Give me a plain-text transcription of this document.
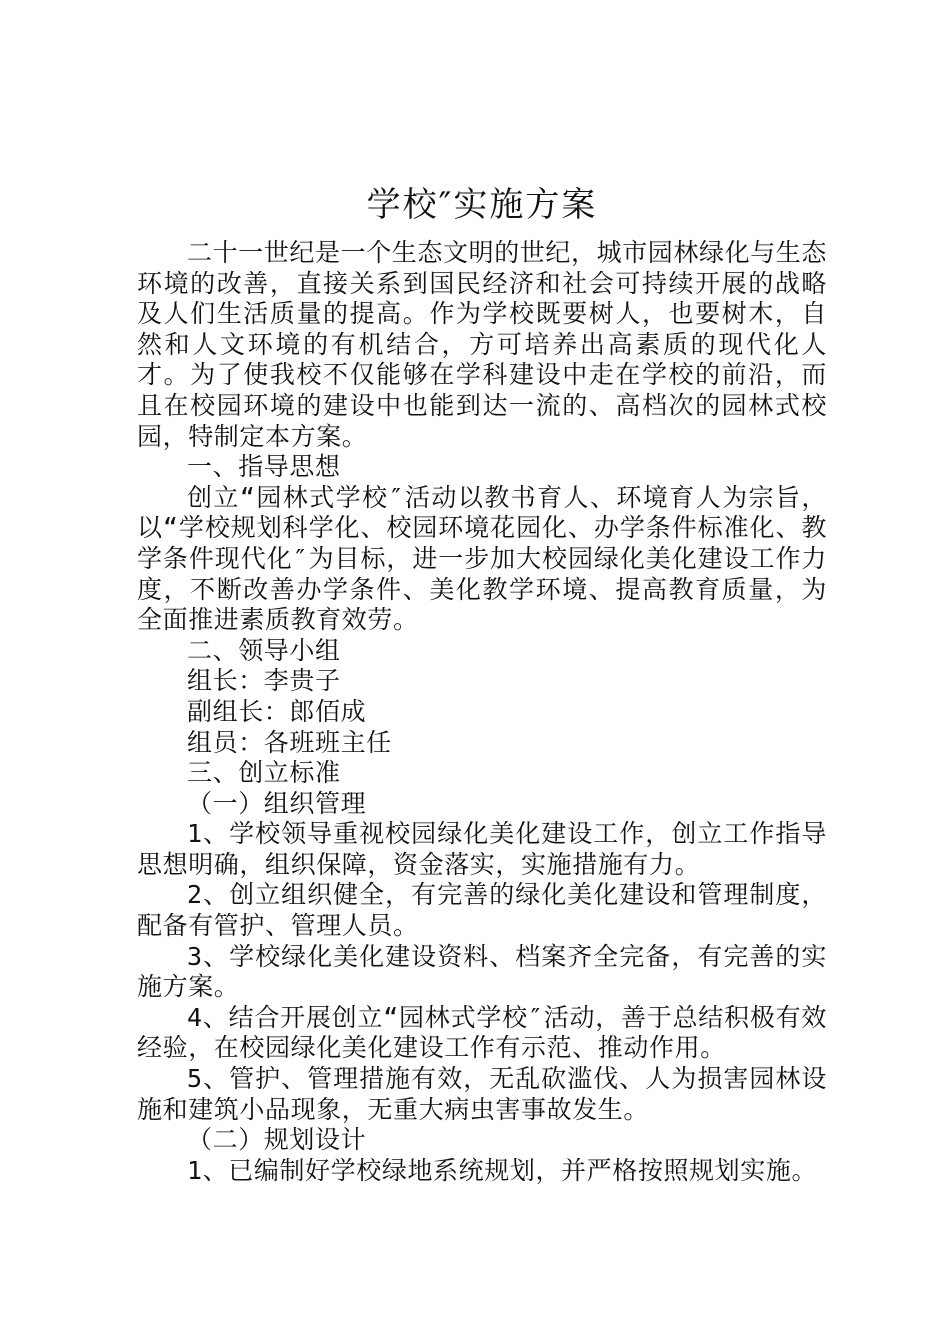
学校″实施方案

二十一世纪是一个生态文明的世纪，城市园林绿化与生态环境的改善，直接关系到国民经济和社会可持续开展的战略及人们生活质量的提高。作为学校既要树人，也要树木，自然和人文环境的有机结合，方可培养出高素质的现代化人才。为了使我校不仅能够在学科建设中走在学校的前沿，而且在校园环境的建设中也能到达一流的、高档次的园林式校园，特制定本方案。

一、指导思想

创立“园林式学校″活动以教书育人、环境育人为宗旨，以“学校规划科学化、校园环境花园化、办学条件标准化、教学条件现代化″为目标，进一步加大校园绿化美化建设工作力度，不断改善办学条件、美化教学环境、提高教育质量，为全面推进素质教育效劳。

二、领导小组

组长：李贵子

副组长：郎佰成

组员：各班班主任

三、创立标准

（一）组织管理

1、学校领导重视校园绿化美化建设工作，创立工作指导思想明确，组织保障，资金落实，实施措施有力。

2、创立组织健全，有完善的绿化美化建设和管理制度，配备有管护、管理人员。

3、学校绿化美化建设资料、档案齐全完备，有完善的实施方案。

4、结合开展创立“园林式学校″活动，善于总结积极有效经验，在校园绿化美化建设工作有示范、推动作用。

5、管护、管理措施有效，无乱砍滥伐、人为损害园林设施和建筑小品现象，无重大病虫害事故发生。

（二）规划设计

1、已编制好学校绿地系统规划，并严格按照规划实施。
